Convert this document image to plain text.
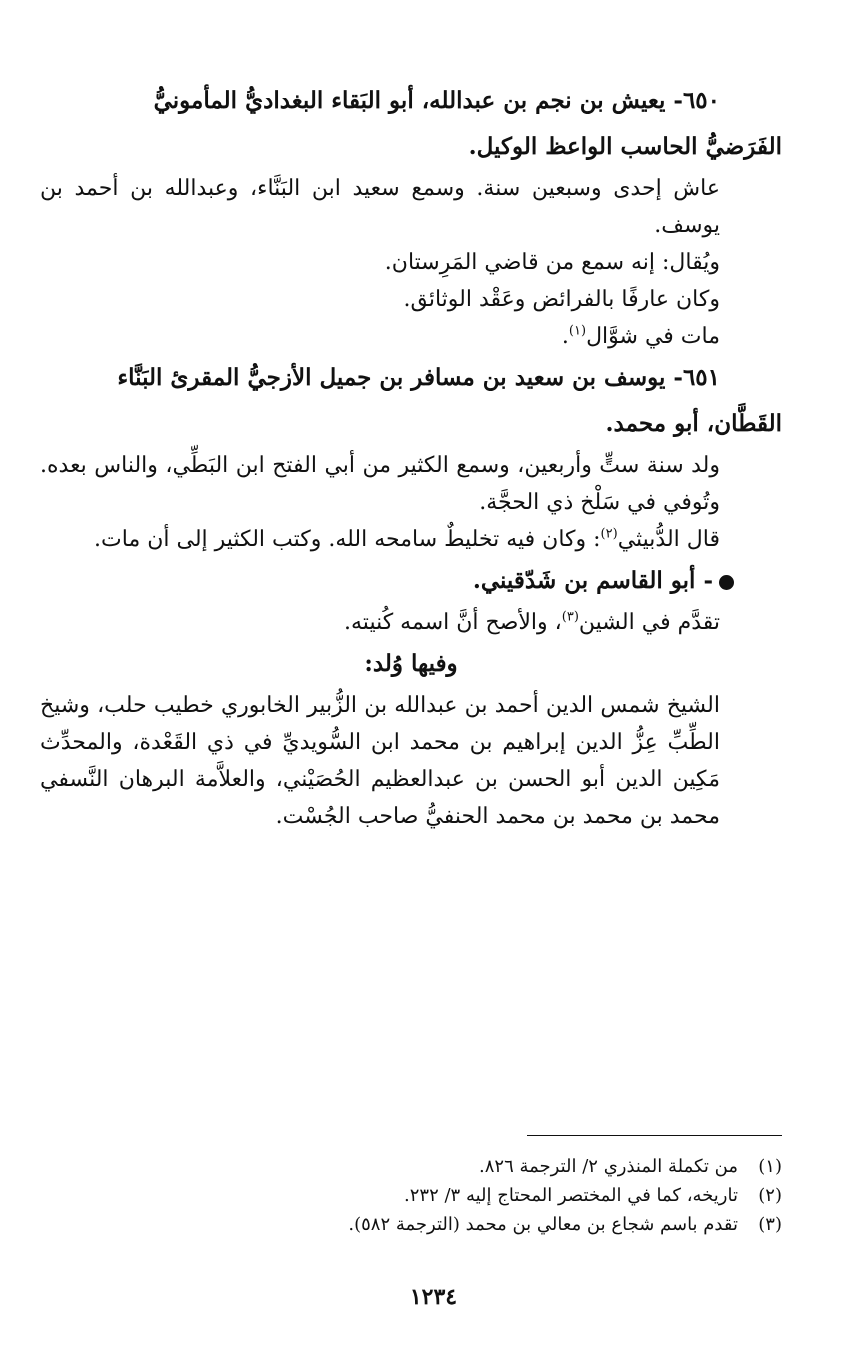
٦٥٠- يعيش بن نجم بن عبدالله، أبو البَقاء البغداديُّ المأمونيُّ

الفَرَضيُّ الحاسب الواعظ الوكيل.

عاش إحدى وسبعين سنة. وسمع سعيد ابن البَنَّاء، وعبدالله بن أحمد بن يوسف.

ويُقال: إنه سمع من قاضي المَرِستان.

وكان عارفًا بالفرائض وعَقْد الوثائق.

مات في شوَّال$^{(١)}$.

٦٥١- يوسف بن سعيد بن مسافر بن جميل الأزجيُّ المقرئ البَنَّاء

القَطَّان، أبو محمد.

ولد سنة ستٍّ وأربعين، وسمع الكثير من أبي الفتح ابن البَطِّي، والناس بعده. وتُوفي في سَلْخ ذي الحجَّة.

قال الدُّبيثي$^{(٢)}$: وكان فيه تخليطٌ سامحه الله. وكتب الكثير إلى أن مات.

- أبو القاسم بن شَدّقيني.

تقدَّم في الشين$^{(٣)}$، والأصح أنَّ اسمه كُنيته.

وفيها وُلد:

الشيخ شمس الدين أحمد بن عبدالله بن الزُّبير الخابوري خطيب حلب، وشيخ الطِّبِّ عِزُّ الدين إبراهيم بن محمد ابن السُّويديِّ في ذي القَعْدة، والمحدِّث مَكِين الدين أبو الحسن بن عبدالعظيم الحُصَيْني، والعلاَّمة البرهان النَّسفي محمد بن محمد بن محمد الحنفيُّ صاحب الجُسْت.

(١)من تكملة المنذري ٢/ الترجمة ٨٢٦.

(٢)تاريخه، كما في المختصر المحتاج إليه ٣/ ٢٣٢.

(٣)تقدم باسم شجاع بن معالي بن محمد (الترجمة ٥٨٢).

١٢٣٤
